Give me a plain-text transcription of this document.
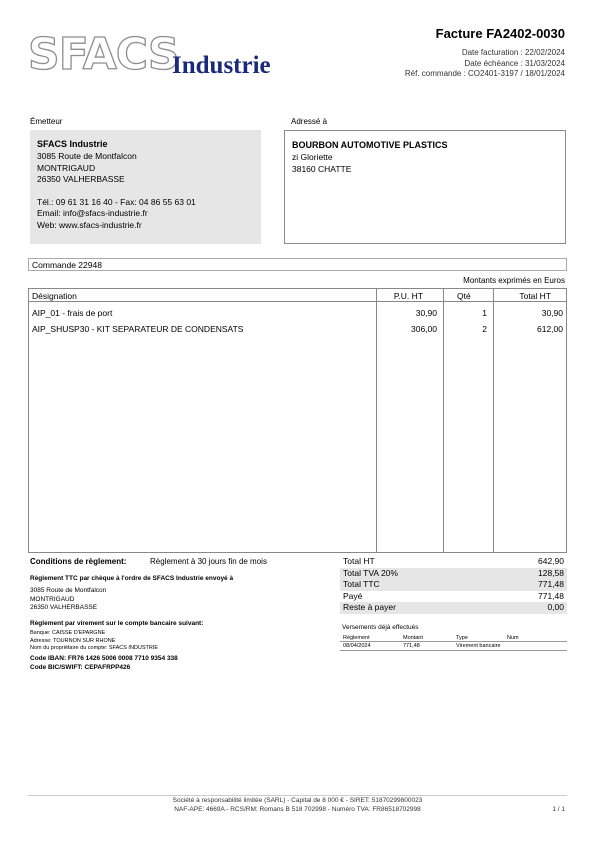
SFACS
Industrie
Facture FA2402-0030
Date facturation : 22/02/2024
Date échéance : 31/03/2024
Réf. commande : CO2401-3197 / 18/01/2024
Émetteur	Adressé à
SFACS Industrie
3085 Route de Montfalcon
MONTRIGAUD
26350 VALHERBASSE
Tél.: 09 61 31 16 40 - Fax: 04 86 55 63 01
Email: info@sfacs-industrie.fr
Web: www.sfacs-industrie.fr
BOURBON AUTOMOTIVE PLASTICS
zi Gloriette
38160 CHATTE
Commande 22948
Montants exprimés en Euros
Désignation	P.U. HT	Qté	Total HT
AIP_01 - frais de port	30,90	1	30,90
AIP_SHUSP30 - KIT SEPARATEUR DE CONDENSATS	306,00	2	612,00
Conditions de règlement:	Règlement à 30 jours fin de mois
Règlement TTC par chèque à l'ordre de SFACS Industrie envoyé à
3085 Route de Montfalcon
MONTRIGAUD
26350 VALHERBASSE
Règlement par virement sur le compte bancaire suivant:
Banque: CAISSE D'EPARGNE
Adresse: TOURNON SUR RHONE
Nom du propriétaire du compte: SFACS INDUSTRIE
Code IBAN: FR76 1426 5006 0008 7710 9354 338
Code BIC/SWIFT: CEPAFRPP426
Total HT	642,90
Total TVA 20%	128,58
Total TTC	771,48
Payé	771,48
Reste à payer	0,00
Versements déjà effectués
Règlement	Montant	Type	Num
08/04/2024	771,48	Virement bancaire
Société à responsabilité limitée (SARL) - Capital de 8 000 € - SIRET: 51870299800023
NAF-APE: 4669A - RCS/RM: Romans B 518 702998 - Numéro TVA: FR86518702998	1 / 1
